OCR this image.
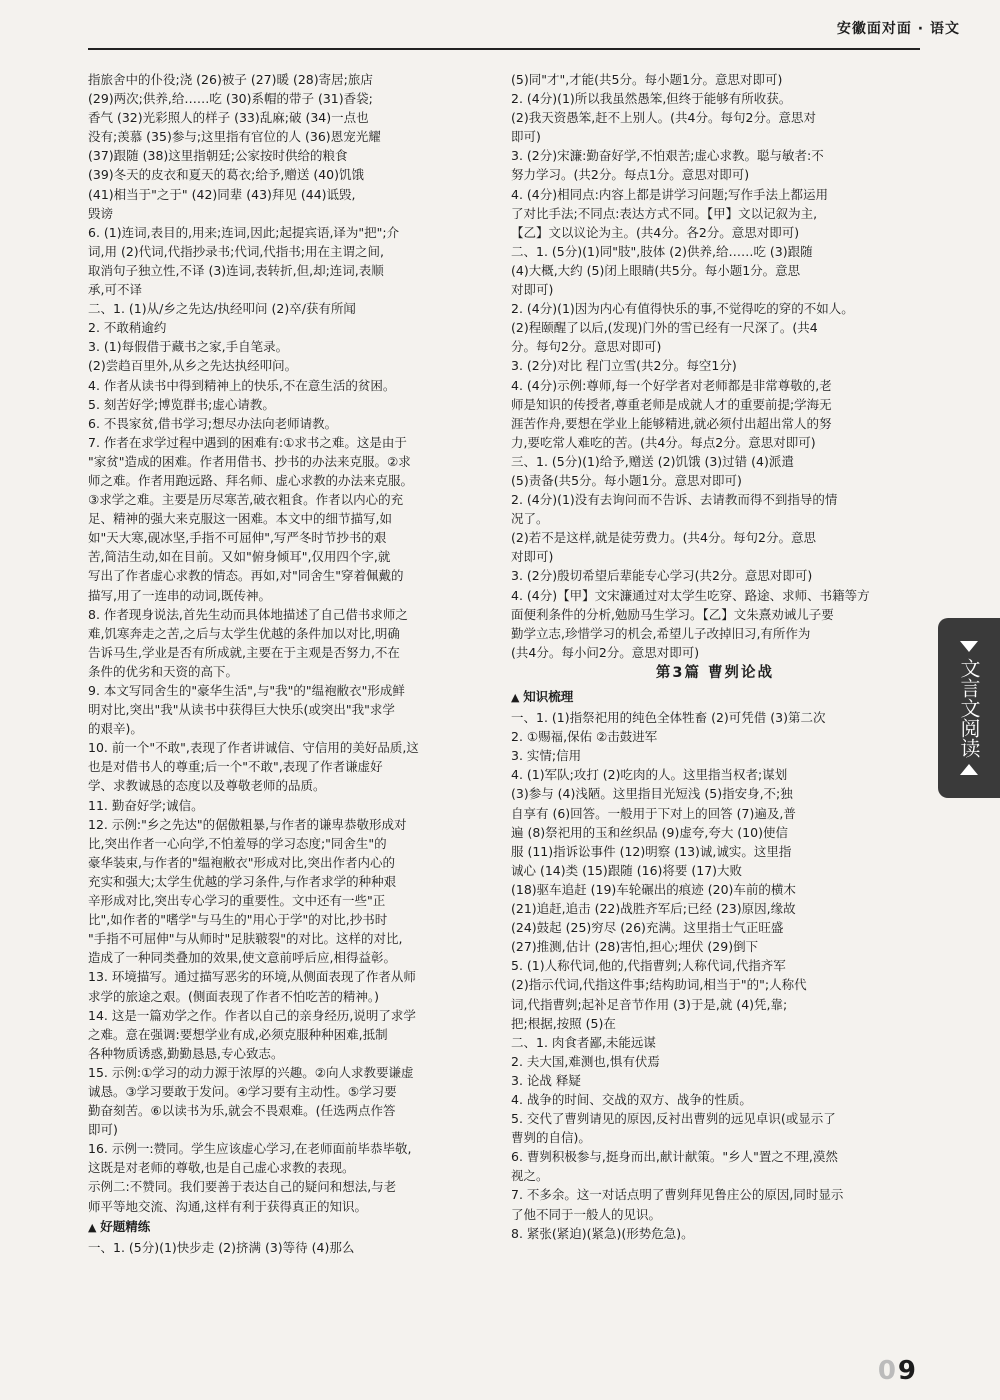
安徽面对面 · 语文
指旅舍中的仆役;浇 (26)被子 (27)暖 (28)寄居;旅店
(29)两次;供养,给……吃 (30)系帽的带子 (31)香袋;
香气 (32)光彩照人的样子 (33)乱麻;破 (34)一点也
没有;羡慕 (35)参与;这里指有官位的人 (36)恩宠光耀
(37)跟随 (38)这里指朝廷;公家按时供给的粮食
(39)冬天的皮衣和夏天的葛衣;给予,赠送 (40)饥饿
(41)相当于"之于" (42)同辈 (43)拜见 (44)诋毁,
毁谤
6. (1)连词,表目的,用来;连词,因此;起提宾语,译为"把";介
词,用 (2)代词,代指抄录书;代词,代指书;用在主谓之间,
取消句子独立性,不译 (3)连词,表转折,但,却;连词,表顺
承,可不译
二、1. (1)从/乡之先达/执经叩问 (2)卒/获有所闻
2. 不敢稍逾约
3. (1)每假借于藏书之家,手自笔录。
(2)尝趋百里外,从乡之先达执经叩问。
4. 作者从读书中得到精神上的快乐,不在意生活的贫困。
5. 刻苦好学;博览群书;虚心请教。
6. 不畏家贫,借书学习;想尽办法向老师请教。
7. 作者在求学过程中遇到的困难有:①求书之难。这是由于
"家贫"造成的困难。作者用借书、抄书的办法来克服。②求
师之难。作者用跑远路、拜名师、虚心求教的办法来克服。
③求学之难。主要是历尽寒苦,破衣粗食。作者以内心的充
足、精神的强大来克服这一困难。本文中的细节描写,如
如"天大寒,砚冰坚,手指不可屈伸",写严冬时节抄书的艰
苦,简洁生动,如在目前。又如"俯身倾耳",仅用四个字,就
写出了作者虚心求教的情态。再如,对"同舍生"穿着佩戴的
描写,用了一连串的动词,既传神。
8. 作者现身说法,首先生动而具体地描述了自己借书求师之
难,饥寒奔走之苦,之后与太学生优越的条件加以对比,明确
告诉马生,学业是否有所成就,主要在于主观是否努力,不在
条件的优劣和天资的高下。
9. 本文写同舍生的"豪华生活",与"我"的"缊袍敝衣"形成鲜
明对比,突出"我"从读书中获得巨大快乐(或突出"我"求学
的艰辛)。
10. 前一个"不敢",表现了作者讲诚信、守信用的美好品质,这
也是对借书人的尊重;后一个"不敢",表现了作者谦虚好
学、求教诚恳的态度以及尊敬老师的品质。
11. 勤奋好学;诚信。
12. 示例:"乡之先达"的倨傲粗暴,与作者的谦卑恭敬形成对
比,突出作者一心向学,不怕羞辱的学习态度;"同舍生"的
豪华装束,与作者的"缊袍敝衣"形成对比,突出作者内心的
充实和强大;太学生优越的学习条件,与作者求学的种种艰
辛形成对比,突出专心学习的重要性。文中还有一些"正
比",如作者的"嗜学"与马生的"用心于学"的对比,抄书时
"手指不可屈伸"与从师时"足肤皲裂"的对比。这样的对比,
造成了一种同类叠加的效果,使文意前呼后应,相得益彰。
13. 环境描写。通过描写恶劣的环境,从侧面表现了作者从师
求学的旅途之艰。(侧面表现了作者不怕吃苦的精神。)
14. 这是一篇劝学之作。作者以自己的亲身经历,说明了求学
之难。意在强调:要想学业有成,必须克服种种困难,抵制
各种物质诱惑,勤勤恳恳,专心致志。
15. 示例:①学习的动力源于浓厚的兴趣。②向人求教要谦虚
诚恳。③学习要敢于发问。④学习要有主动性。⑤学习要
勤奋刻苦。⑥以读书为乐,就会不畏艰难。(任选两点作答
即可)
16. 示例一:赞同。学生应该虚心学习,在老师面前毕恭毕敬,
这既是对老师的尊敬,也是自己虚心求教的表现。
示例二:不赞同。我们要善于表达自己的疑问和想法,与老
师平等地交流、沟通,这样有利于获得真正的知识。
▲ 好题精练
一、1. (5分)(1)快步走 (2)挤满 (3)等待 (4)那么
(5)同"才",才能(共5分。每小题1分。意思对即可)
2. (4分)(1)所以我虽然愚笨,但终于能够有所收获。
(2)我天资愚笨,赶不上别人。(共4分。每句2分。意思对
即可)
3. (2分)宋濂:勤奋好学,不怕艰苦;虚心求教。聪与敏者:不
努力学习。(共2分。每点1分。意思对即可)
4. (4分)相同点:内容上都是讲学习问题;写作手法上都运用
了对比手法;不同点:表达方式不同。【甲】文以记叙为主,
【乙】文以议论为主。(共4分。各2分。意思对即可)
二、1. (5分)(1)同"肢",肢体 (2)供养,给……吃 (3)跟随
(4)大概,大约 (5)闭上眼睛(共5分。每小题1分。意思
对即可)
2. (4分)(1)因为内心有值得快乐的事,不觉得吃的穿的不如人。
(2)程颐醒了以后,(发现)门外的雪已经有一尺深了。(共4
分。每句2分。意思对即可)
3. (2分)对比 程门立雪(共2分。每空1分)
4. (4分)示例:尊师,每一个好学者对老师都是非常尊敬的,老
师是知识的传授者,尊重老师是成就人才的重要前提;学海无
涯苦作舟,要想在学业上能够精进,就必须付出超出常人的努
力,要吃常人难吃的苦。(共4分。每点2分。意思对即可)
三、1. (5分)(1)给予,赠送 (2)饥饿 (3)过错 (4)派遣
(5)责备(共5分。每小题1分。意思对即可)
2. (4分)(1)没有去询问而不告诉、去请教而得不到指导的情
况了。
(2)若不是这样,就是徒劳费力。(共4分。每句2分。意思
对即可)
3. (2分)殷切希望后辈能专心学习(共2分。意思对即可)
4. (4分)【甲】文宋濂通过对太学生吃穿、路途、求师、书籍等方
面便利条件的分析,勉励马生学习。【乙】文朱熹劝诫儿子要
勤学立志,珍惜学习的机会,希望儿子改掉旧习,有所作为
(共4分。每小问2分。意思对即可)
第3篇 曹刿论战
▲ 知识梳理
一、1. (1)指祭祀用的纯色全体牲畜 (2)可凭借 (3)第二次
2. ①赐福,保佑 ②击鼓进军
3. 实情;信用
4. (1)军队;攻打 (2)吃肉的人。这里指当权者;谋划
(3)参与 (4)浅陋。这里指目光短浅 (5)指安身,不;独
自享有 (6)回答。一般用于下对上的回答 (7)遍及,普
遍 (8)祭祀用的玉和丝织品 (9)虚夸,夸大 (10)使信
服 (11)指诉讼事件 (12)明察 (13)诚,诚实。这里指
诚心 (14)类 (15)跟随 (16)将要 (17)大败
(18)驱车追赶 (19)车轮碾出的痕迹 (20)车前的横木
(21)追赶,追击 (22)战胜齐军后;已经 (23)原因,缘故
(24)鼓起 (25)穷尽 (26)充满。这里指士气正旺盛
(27)推测,估计 (28)害怕,担心;埋伏 (29)倒下
5. (1)人称代词,他的,代指曹刿;人称代词,代指齐军
(2)指示代词,代指这件事;结构助词,相当于"的";人称代
词,代指曹刿;起补足音节作用 (3)于是,就 (4)凭,靠;
把;根据,按照 (5)在
二、1. 肉食者鄙,未能远谋
2. 夫大国,难测也,惧有伏焉
3. 论战 释疑
4. 战争的时间、交战的双方、战争的性质。
5. 交代了曹刿请见的原因,反衬出曹刿的远见卓识(或显示了
曹刿的自信)。
6. 曹刿积极参与,挺身而出,献计献策。"乡人"置之不理,漠然
视之。
7. 不多余。这一对话点明了曹刿拜见鲁庄公的原因,同时显示
了他不同于一般人的见识。
8. 紧张(紧迫)(紧急)(形势危急)。
文言文阅读
09
